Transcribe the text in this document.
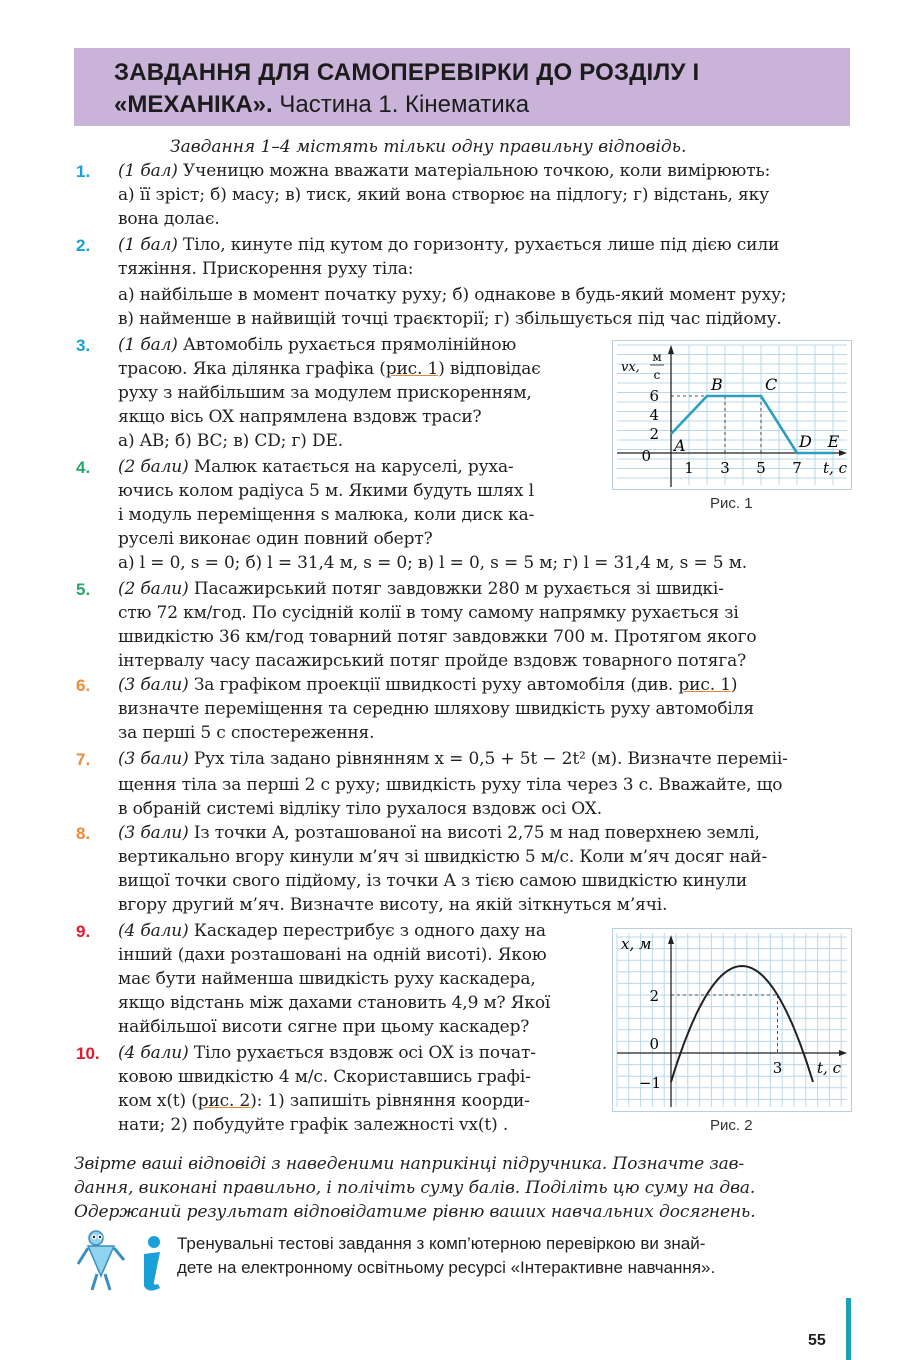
ЗАВДАННЯ ДЛЯ САМОПЕРЕВІРКИ ДО РОЗДІЛУ І
«МЕХАНІКА». Частина 1. Кінематика
Завдання 1–4 містять тільки одну правильну відповідь.
1. (1 бал) Ученицю можна вважати матеріальною точкою, коли вимірюють:
а) її зріст; б) масу; в) тиск, який вона створює на підлогу; г) відстань, яку
вона долає.
2. (1 бал) Тіло, кинуте під кутом до горизонту, рухається лише під дією сили
тяжіння. Прискорення руху тіла:
а) найбільше в момент початку руху; б) однакове в будь-який момент руху;
в) найменше в найвищій точці траєкторії; г) збільшується під час підйому.
3. (1 бал) Автомобіль рухається прямолінійною
трасою. Яка ділянка графіка (рис. 1) відповідає
руху з найбільшим за модулем прискоренням,
якщо вісь OX напрямлена вздовж траси?
а) AB; б) BC; в) CD; г) DE.
4. (2 бали) Малюк катається на каруселі, руха-
ючись колом радіуса 5 м. Якими будуть шлях l
і модуль переміщення s малюка, коли диск ка-
руселі виконає один повний оберт?
а) l = 0, s = 0; б) l = 31,4 м, s = 0; в) l = 0, s = 5 м; г) l = 31,4 м, s = 5 м.
5. (2 бали) Пасажирський потяг завдовжки 280 м рухається зі швидкі-
стю 72 км/год. По сусідній колії в тому самому напрямку рухається зі
швидкістю 36 км/год товарний потяг завдовжки 700 м. Протягом якого
інтервалу часу пасажирський потяг пройде вздовж товарного потяга?
6. (3 бали) За графіком проекції швидкості руху автомобіля (див. рис. 1)
визначте переміщення та середню шляхову швидкість руху автомобіля
за перші 5 с спостереження.
7. (3 бали) Рух тіла задано рівнянням x = 0,5 + 5t − 2t² (м). Визначте переміі-
щення тіла за перші 2 с руху; швидкість руху тіла через 3 с. Вважайте, що
в обраній системі відліку тіло рухалося вздовж осі OX.
8. (3 бали) Із точки A, розташованої на висоті 2,75 м над поверхнею землі,
вертикально вгору кинули м’яч зі швидкістю 5 м/с. Коли м’яч досяг най-
вищої точки свого підйому, із точки A з тією самою швидкістю кинули
вгору другий м’яч. Визначте висоту, на якій зіткнуться м’ячі.
9. (4 бали) Каскадер перестрибує з одного даху на
інший (дахи розташовані на одній висоті). Якою
має бути найменша швидкість руху каскадера,
якщо відстань між дахами становить 4,9 м? Якої
найбільшої висоти сягне при цьому каскадер?
10. (4 бали) Тіло рухається вздовж осі OX із почат-
ковою швидкістю 4 м/с. Скориставшись графі-
ком x(t) (рис. 2): 1) запишіть рівняння коорди-
нати; 2) побудуйте графік залежності vx(t) .
2
4
6
1 3 5 7
0
t, с
vx,
м
с
A
B	C
D E
Рис. 1
2
0
−1
3 t, с
x, м
Рис. 2
Звірте ваші відповіді з наведеними наприкінці підручника. Позначте зав-
дання, виконані правильно, і полічіть суму балів. Поділіть цю суму на два.
Одержаний результат відповідатиме рівню ваших навчальних досягнень.
Тренувальні тестові завдання з комп’ютерною перевіркою ви знай-
дете на електронному освітньому ресурсі «Інтерактивне навчання».
55
